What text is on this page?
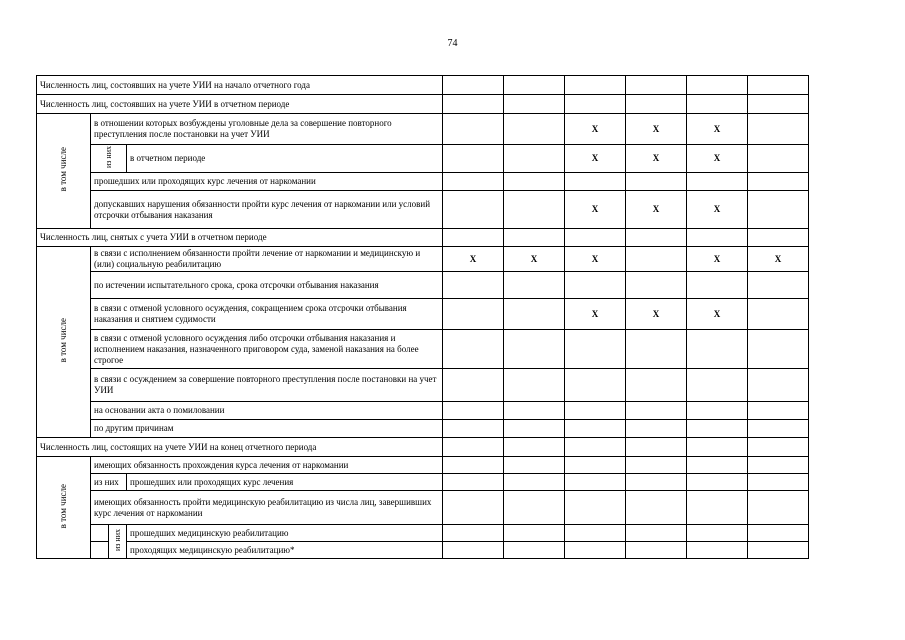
74
Численность лиц, состоявших на учете УИИ на начало отчетного года									
Численность лиц, состоявших на учете УИИ в отчетном периоде									
в том числе	в отношении которых возбуждены уголовные дела за совершение повторного преступления после постановки на учет УИИ					X	X	X	
	из них		в отчетном периоде			X	X	X	
	прошедших или проходящих курс лечения от наркомании								
	допускавших нарушения обязанности пройти курс лечения от наркомании или условий отсрочки отбывания наказания					X	X	X	
Численность лиц, снятых с учета УИИ в отчетном периоде									
в том числе	в связи с исполнением обязанности пройти лечение от наркомании и медицинскую и (или) социальную реабилитацию			X	X	X		X	X
	по истечении испытательного срока, срока отсрочки отбывания наказания								
	в связи с отменой условного осуждения, сокращением срока отсрочки отбывания наказания и снятием судимости					X	X	X	
	в связи с отменой условного осуждения либо отсрочки отбывания наказания и исполнением наказания, назначенного приговором суда, заменой наказания на более строгое								
	в связи с осуждением за совершение повторного преступления после постановки на учет УИИ								
	на основании акта о помиловании								
	по другим причинам								
Численность лиц, состоящих на учете УИИ на конец отчетного периода									
в том числе	имеющих обязанность прохождения курса лечения от наркомании								
	из них		прошедших или проходящих курс лечения						
	имеющих обязанность пройти медицинскую реабилитацию из числа лиц, завершивших курс лечения от наркомании								
		из них	прошедших медицинскую реабилитацию						
			проходящих медицинскую реабилитацию*						
